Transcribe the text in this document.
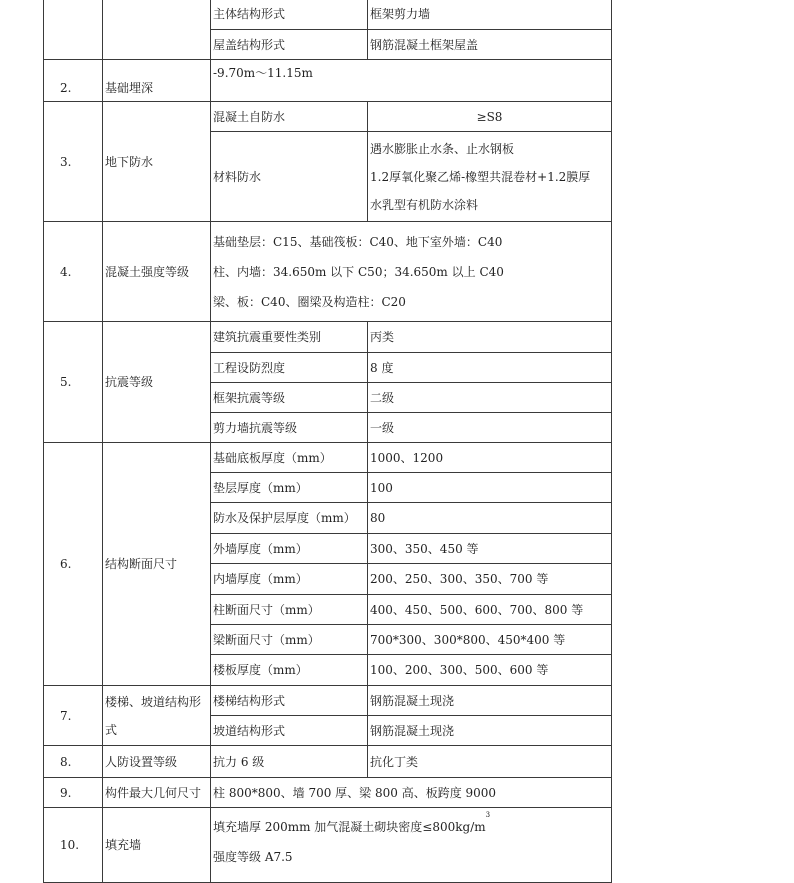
		主体结构形式	框架剪力墙
		屋盖结构形式	钢筋混凝土框架屋盖
2.	基础埋深	-9.70m～11.15m	
3.	地下防水	混凝土自防水	≥S8
		材料防水	遇水膨胀止水条、止水钢板
1.2厚氧化聚乙烯-橡塑共混卷材+1.2膜厚
水乳型有机防水涂料

4.	混凝土强度等级	基础垫层：C15、基础筏板：C40、地下室外墙：C40
柱、内墙：34.650m 以下 C50；34.650m 以上 C40
梁、板：C40、圈梁及构造柱：C20	

5.	抗震等级	建筑抗震重要性类别	丙类
		工程设防烈度	8 度
		框架抗震等级	二级
		剪力墙抗震等级	一级
6.	结构断面尺寸	基础底板厚度（mm）	1000、1200
		垫层厚度（mm）	100
		防水及保护层厚度（mm）	80
		外墙厚度（mm）	300、350、450 等
		内墙厚度（mm）	200、250、300、350、700 等
		柱断面尺寸（mm）	400、450、500、600、700、800 等
		梁断面尺寸（mm）	700*300、300*800、450*400 等
		楼板厚度（mm）	100、200、300、500、600 等
7.	楼梯、坡道结构形
式	楼梯结构形式	钢筋混凝土现浇
		坡道结构形式	钢筋混凝土现浇
8.	人防设置等级	抗力 6 级	抗化丁类
9.	构件最大几何尺寸	柱 800*800、墙 700 厚、梁 800 高、板跨度 9000	
10.	填充墙	填充墙厚 200mm 加气混凝土砌块密度$\le 800kg/m^3$
强度等级 A7.5	
